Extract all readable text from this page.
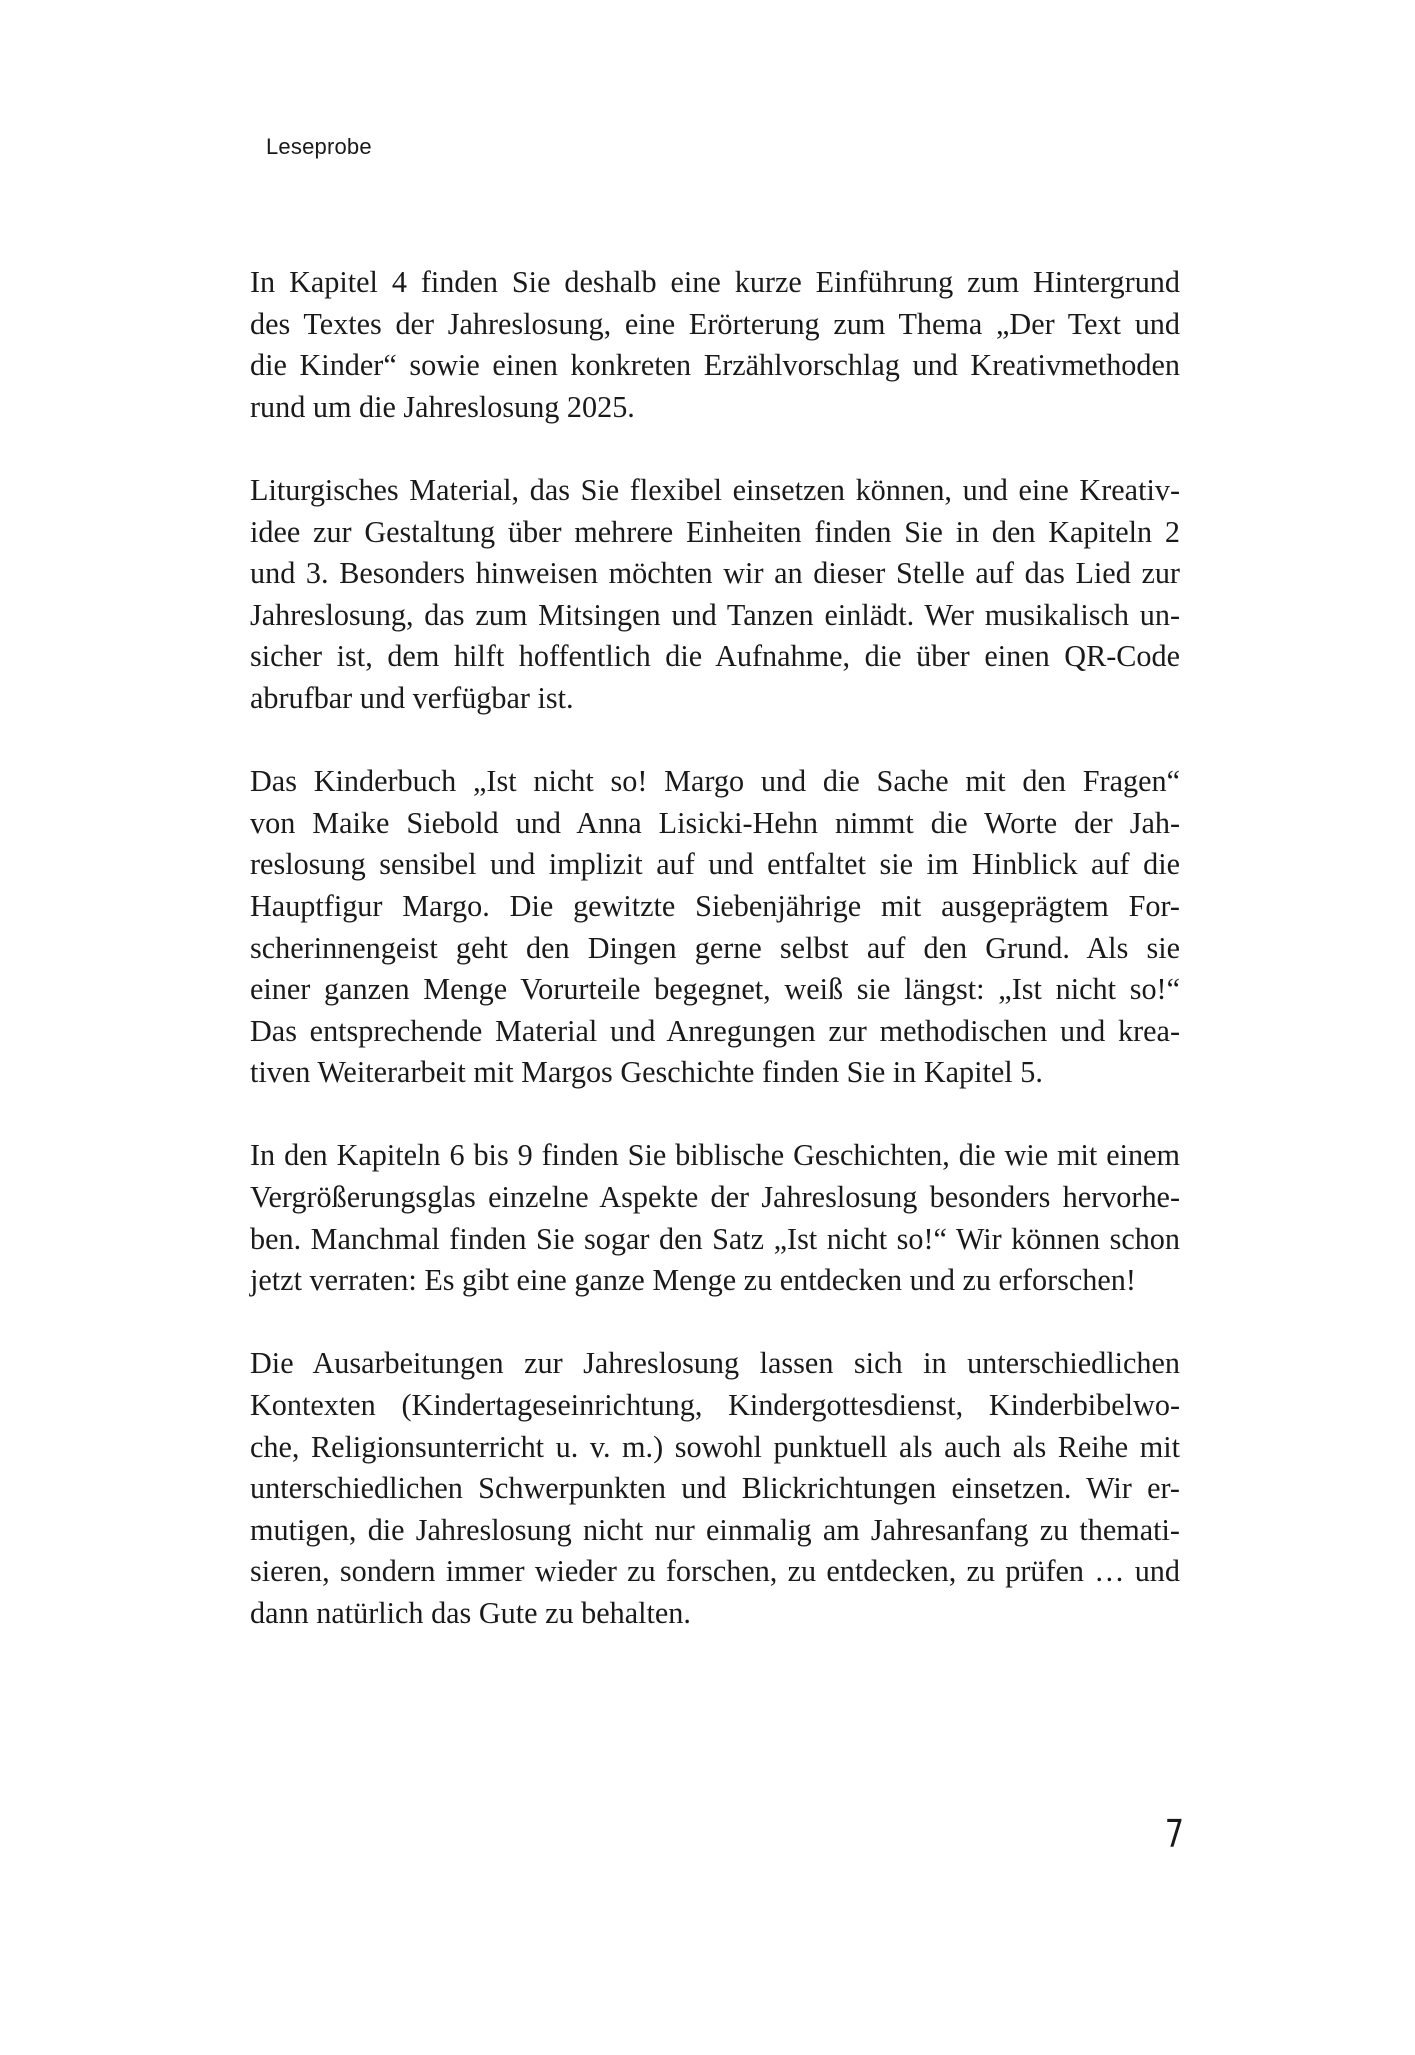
Leseprobe

In Kapitel 4 finden Sie deshalb eine kurze Einführung zum Hintergrund
des Textes der Jahreslosung, eine Erörterung zum Thema „Der Text und
die Kinder“ sowie einen konkreten Erzählvorschlag und Kreativmethoden
rund um die Jahreslosung 2025.

Liturgisches Material, das Sie flexibel einsetzen können, und eine Kreativ-
idee zur Gestaltung über mehrere Einheiten finden Sie in den Kapiteln 2
und 3. Besonders hinweisen möchten wir an dieser Stelle auf das Lied zur
Jahreslosung, das zum Mitsingen und Tanzen einlädt. Wer musikalisch un-
sicher ist, dem hilft hoffentlich die Aufnahme, die über einen QR-Code
abrufbar und verfügbar ist.

Das Kinderbuch „Ist nicht so! Margo und die Sache mit den Fragen“
von Maike Siebold und Anna Lisicki-Hehn nimmt die Worte der Jah-
reslosung sensibel und implizit auf und entfaltet sie im Hinblick auf die
Hauptfigur Margo. Die gewitzte Siebenjährige mit ausgeprägtem For-
scherinnengeist geht den Dingen gerne selbst auf den Grund. Als sie
einer ganzen Menge Vorurteile begegnet, weiß sie längst: „Ist nicht so!“
Das entsprechende Material und Anregungen zur methodischen und krea-
tiven Weiterarbeit mit Margos Geschichte finden Sie in Kapitel 5.

In den Kapiteln 6 bis 9 finden Sie biblische Geschichten, die wie mit einem
Vergrößerungsglas einzelne Aspekte der Jahreslosung besonders hervorhe-
ben. Manchmal finden Sie sogar den Satz „Ist nicht so!“ Wir können schon
jetzt verraten: Es gibt eine ganze Menge zu entdecken und zu erforschen!

Die Ausarbeitungen zur Jahreslosung lassen sich in unterschiedlichen
Kontexten (Kindertageseinrichtung, Kindergottesdienst, Kinderbibelwo-
che, Religionsunterricht u. v. m.) sowohl punktuell als auch als Reihe mit
unterschiedlichen Schwerpunkten und Blickrichtungen einsetzen. Wir er-
mutigen, die Jahreslosung nicht nur einmalig am Jahresanfang zu themati-
sieren, sondern immer wieder zu forschen, zu entdecken, zu prüfen … und
dann natürlich das Gute zu behalten.

7
